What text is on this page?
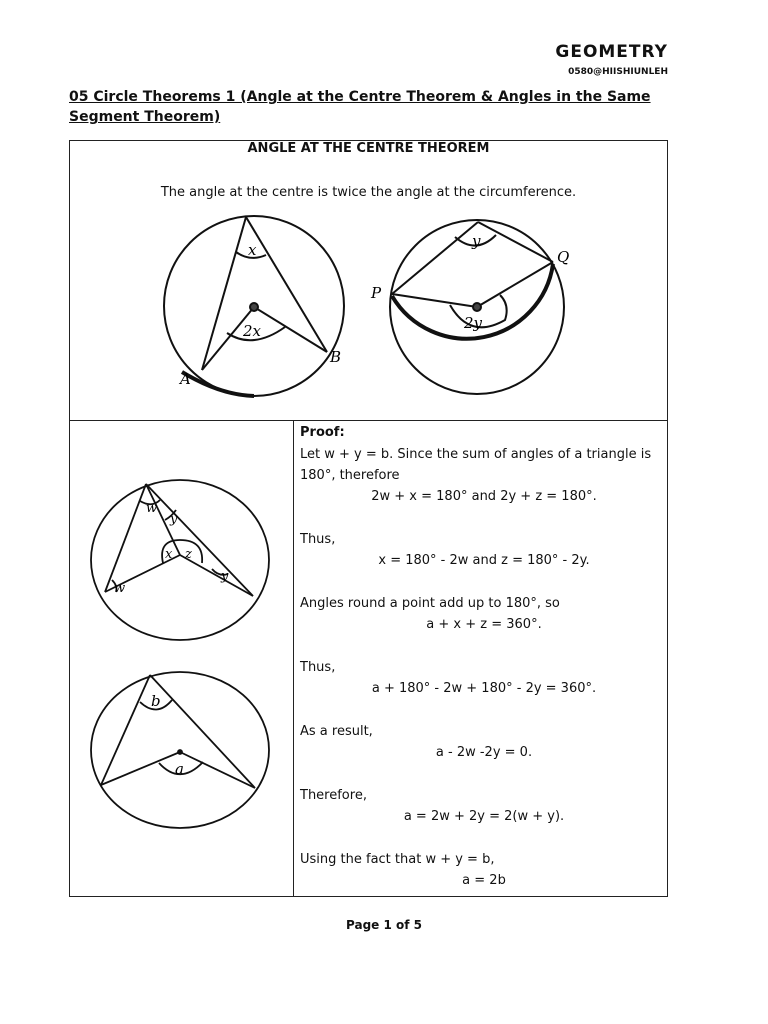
GEOMETRY
0580@HIISHIUNLEH
05 Circle Theorems 1 (Angle at the Centre Theorem & Angles in the Same Segment Theorem)
ANGLE AT THE CENTRE THEOREM
The angle at the centre is twice the angle at the circumference.
Proof:
Let w + y = b. Since the sum of angles of a triangle is 180°, therefore
2w + x = 180° and 2y + z = 180°.
Thus,
x = 180° - 2w and z = 180° - 2y.
Angles round a point add up to 180°, so
a + x + z = 360°.
Thus,
a + 180° - 2w + 180° - 2y = 360°.
As a result,
a - 2w -2y = 0.
Therefore,
a = 2w + 2y = 2(w + y).
Using the fact that w + y = b,
a = 2b
x
2x
A
B
y
2y
P
Q
w
y
x z
y
w
b
a
Page 1 of 5
